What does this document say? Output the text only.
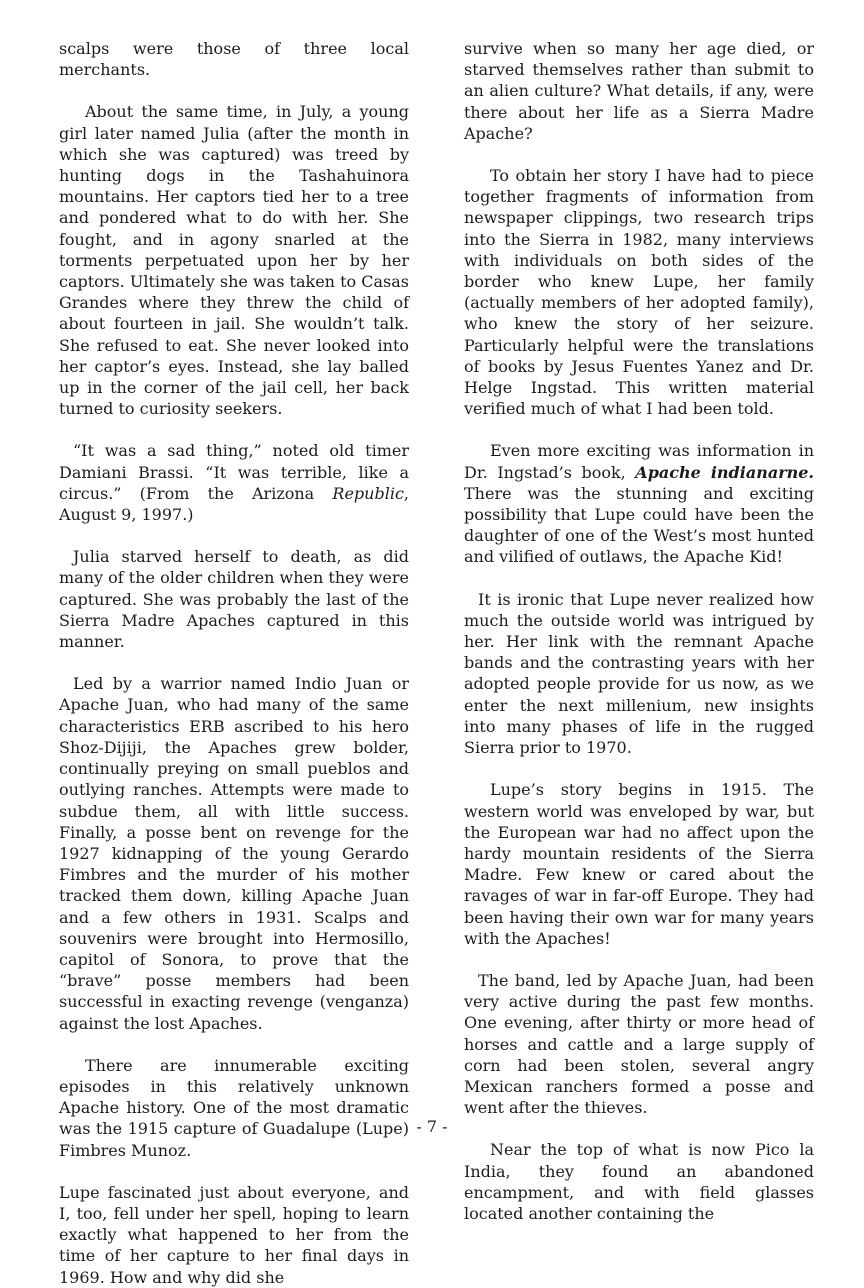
scalps were those of three local merchants.

About the same time, in July, a young girl later named Julia (after the month in which she was captured) was treed by hunting dogs in the Tashahuinora mountains. Her captors tied her to a tree and pondered what to do with her. She fought, and in agony snarled at the torments perpetuated upon her by her captors. Ultimately she was taken to Casas Grandes where they threw the child of about fourteen in jail. She wouldn’t talk. She refused to eat. She never looked into her captor’s eyes. Instead, she lay balled up in the corner of the jail cell, her back turned to curiosity seekers.

“It was a sad thing,” noted old timer Damiani Brassi. “It was terrible, like a circus.” (From the Arizona Republic, August 9, 1997.)

Julia starved herself to death, as did many of the older children when they were captured. She was probably the last of the Sierra Madre Apaches captured in this manner.

Led by a warrior named Indio Juan or Apache Juan, who had many of the same characteristics ERB ascribed to his hero Shoz-Dijiji, the Apaches grew bolder, continually preying on small pueblos and outlying ranches. Attempts were made to subdue them, all with little success. Finally, a posse bent on revenge for the 1927 kidnapping of the young Gerardo Fimbres and the murder of his mother tracked them down, killing Apache Juan and a few others in 1931. Scalps and souvenirs were brought into Hermosillo, capitol of Sonora, to prove that the “brave” posse members had been successful in exacting revenge (venganza) against the lost Apaches.

There are innumerable exciting episodes in this relatively unknown Apache history. One of the most dramatic was the 1915 capture of Guadalupe (Lupe) Fimbres Munoz.

Lupe fascinated just about everyone, and I, too, fell under her spell, hoping to learn exactly what happened to her from the time of her capture to her final days in 1969. How and why did she

survive when so many her age died, or starved themselves rather than submit to an alien culture? What details, if any, were there about her life as a Sierra Madre Apache?

To obtain her story I have had to piece together fragments of information from newspaper clippings, two research trips into the Sierra in 1982, many interviews with individuals on both sides of the border who knew Lupe, her family (actually members of her adopted family), who knew the story of her seizure. Particularly helpful were the translations of books by Jesus Fuentes Yanez and Dr. Helge Ingstad. This written material verified much of what I had been told.

Even more exciting was information in Dr. Ingstad’s book, Apache indianarne. There was the stunning and exciting possibility that Lupe could have been the daughter of one of the West’s most hunted and vilified of outlaws, the Apache Kid!

It is ironic that Lupe never realized how much the outside world was intrigued by her. Her link with the remnant Apache bands and the contrasting years with her adopted people provide for us now, as we enter the next millenium, new insights into many phases of life in the rugged Sierra prior to 1970.

Lupe’s story begins in 1915. The western world was enveloped by war, but the European war had no affect upon the hardy mountain residents of the Sierra Madre. Few knew or cared about the ravages of war in far-off Europe. They had been having their own war for many years with the Apaches!

The band, led by Apache Juan, had been very active during the past few months. One evening, after thirty or more head of horses and cattle and a large supply of corn had been stolen, several angry Mexican ranchers formed a posse and went after the thieves.

Near the top of what is now Pico la India, they found an abandoned encampment, and with field glasses located another containing the

- 7 -
